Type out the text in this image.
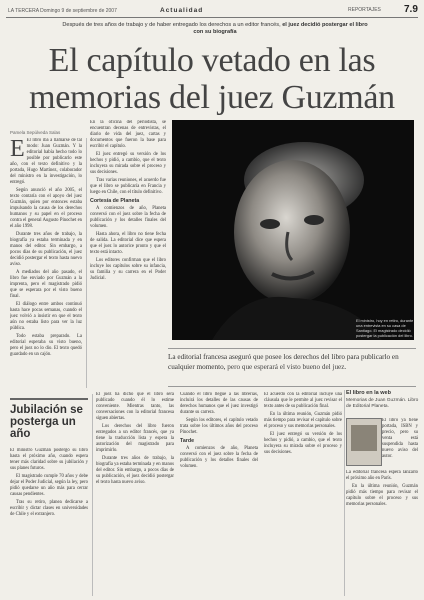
LA TERCERA Domingo 9 de septiembre de 2007	Actualidad	REPORTAJES 7.9
Después de tres años de trabajo y de haber entregado los derechos a un editor francés, el juez decidió postergar el libro con su biografía
El capítulo vetado en las
memorias del juez Guzmán
Pamela Sepúlveda Salas

E El libro iba a llamarse de tal modo: Juan Guzmán. Y la editorial había hecho todo lo posible por publicarlo este año, con el texto definitivo y la portada, Hugo Martínez, colaborador del ministro en la investigación, lo entregó.

Según anunció el año 2005, el texto contaría con el apoyo del juez Guzmán, quien por entonces estaba impulsando la causa de los derechos humanos y su papel en el proceso contra el general Augusto Pinochet en el año 1998.

Durante tres años de trabajo, la biografía ya estaba terminada y en manos del editor. Sin embargo, a pocos días de su publicación, el juez decidió postergar el texto hasta nuevo aviso.

A mediados del año pasado, el libro fue enviado por Guzmán a la imprenta, pero el magistrado pidió que se esperara por el visto bueno final.

El diálogo entre ambos continuó hasta hace pocas semanas, cuando el juez volvió a insistir en que el texto aún no estaba listo para ver la luz pública.

Todo estaba preparado. La editorial esperaba su visto bueno, pero el juez no lo dio. El texto quedó guardado en un cajón.

En la oficina del periodista, se encuentran decenas de entrevistas, el diario de vida del juez, cartas y documentos que fueron la base para escribir el capítulo.

El juez entregó su versión de los hechos y pidió, a cambio, que el texto incluyera su mirada sobre el proceso y sus decisiones.

Tras varias reuniones, el acuerdo fue que el libro se publicaría en Francia y luego en Chile, con el título definitivo.

Cortesía de Planeta

A comienzos de año, Planeta conversó con el juez sobre la fecha de publicación y los detalles finales del volumen.

Hasta ahora, el libro no tiene fecha de salida. La editorial dice que espera que el juez lo autorice pronto y que el texto está intacto.

Los editores confirman que el libro incluye los capítulos sobre su infancia, su familia y su carrera en el Poder Judicial.

El ministro, hoy en retiro, durante una entrevista en su casa de Santiago. El magistrado decidió postergar la publicación del libro.
La editorial francesa aseguró que posee los derechos del libro para publicarlo en cualquier momento, pero que esperará el visto bueno del juez.
Jubilación se posterga un año

El ministro Guzmán postergó su libro hasta el próximo año, cuando espera tener más claridad sobre su jubilación y sus planes futuros.

El magistrado cumple 70 años y debe dejar el Poder Judicial, según la ley, pero pidió quedarse un año más para cerrar causas pendientes.

Tras su retiro, planea dedicarse a escribir y dictar clases en universidades de Chile y el extranjero.

El juez ha dicho que el libro será publicado cuando él lo estime conveniente. Mientras tanto, las conversaciones con la editorial francesa siguen abiertas.

Los derechos del libro fueron entregados a un editor francés, que ya tiene la traducción lista y espera la autorización del magistrado para imprimirlo.

Durante tres años de trabajo, la biografía ya estaba terminada y en manos del editor. Sin embargo, a pocos días de su publicación, el juez decidió postergar el texto hasta nuevo aviso.

Cuando el libro llegue a las librerías, incluirá los detalles de las causas de derechos humanos que el juez investigó durante su carrera.

Según los editores, el capítulo vetado trata sobre los últimos años del proceso Pinochet.

Tarde

A comienzos de año, Planeta conversó con el juez sobre la fecha de publicación y los detalles finales del volumen.

El acuerdo con la editorial incluye una cláusula que le permite al juez revisar el texto antes de su publicación final.

En la última reunión, Guzmán pidió más tiempo para revisar el capítulo sobre el proceso y sus memorias personales.

El juez entregó su versión de los hechos y pidió, a cambio, que el texto incluyera su mirada sobre el proceso y sus decisiones.

El libro en la web
Memorias de Juan Guzmán. Libro de Editorial Planeta.

El libro ya tiene portada, ISBN y precio, pero su venta está suspendida hasta nuevo aviso del autor.

La editorial francesa espera lanzarlo el próximo año en París.

En la última reunión, Guzmán pidió más tiempo para revisar el capítulo sobre el proceso y sus memorias personales.
